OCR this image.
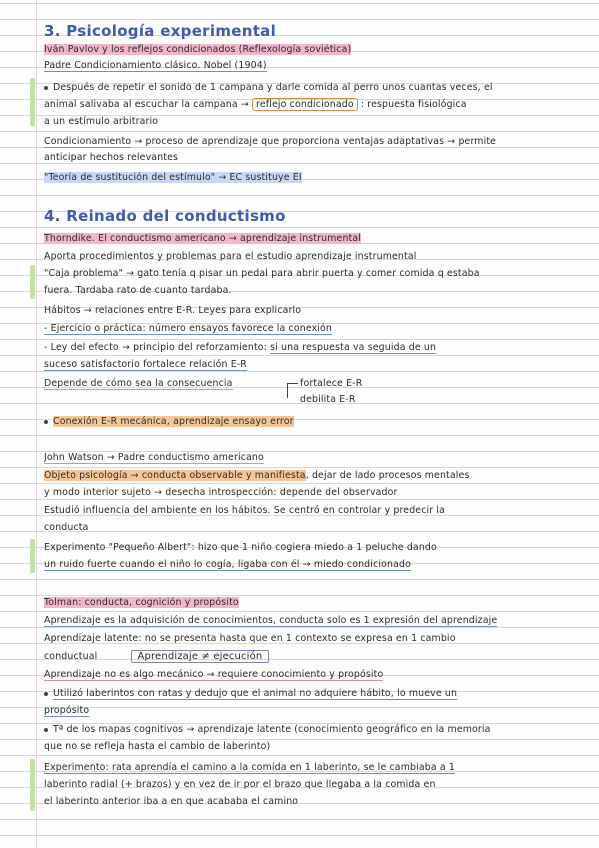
3. Psicología experimental
Iván Pavlov y los reflejos condicionados (Reflexología soviética)
Padre Condicionamiento clásico. Nobel (1904)
Después de repetir el sonido de 1 campana y darle comida al perro unos cuantas veces, el
animal salivaba al escuchar la campana → reflejo condicionado : respuesta fisiológica
a un estímulo arbitrario
Condicionamiento → proceso de aprendizaje que proporciona ventajas adaptativas → permite
anticipar hechos relevantes
"Teoría de sustitución del estímulo" → EC sustituye EI
4. Reinado del conductismo
Thorndike. El conductismo americano → aprendizaje instrumental
Aporta procedimientos y problemas para el estudio aprendizaje instrumental
"Caja problema" → gato tenía q pisar un pedal para abrir puerta y comer comida q estaba
fuera. Tardaba rato de cuanto tardaba.
Hábitos → relaciones entre E-R. Leyes para explicarlo
- Ejercicio o práctica: número ensayos favorece la conexión
- Ley del efecto → principio del reforzamiento: si una respuesta va seguida de un
suceso satisfactorio fortalece relación E-R
Depende de cómo sea la consecuencia	fortalece E-R
debilita E-R
Conexión E-R mecánica, aprendizaje ensayo error
John Watson → Padre conductismo americano
Objeto psicología → conducta observable y manifiesta, dejar de lado procesos mentales
y modo interior sujeto → desecha introspección: depende del observador
Estudió influencia del ambiente en los hábitos. Se centró en controlar y predecir la
conducta
Experimento "Pequeño Albert": hizo que 1 niño cogiera miedo a 1 peluche dando
un ruido fuerte cuando el niño lo cogía, ligaba con él → miedo condicionado
Tolman: conducta, cognición y propósito
Aprendizaje es la adquisición de conocimientos, conducta solo es 1 expresión del aprendizaje
Aprendizaje latente: no se presenta hasta que en 1 contexto se expresa en 1 cambio
conductual	Aprendizaje ≠ ejecución
Aprendizaje no es algo mecánico → requiere conocimiento y propósito
Utilizó laberintos con ratas y dedujo que el animal no adquiere hábito, lo mueve un
propósito
Tª de los mapas cognitivos → aprendizaje latente (conocimiento geográfico en la memoria
que no se refleja hasta el cambio de laberinto)
Experimento: rata aprendía el camino a la comida en 1 laberinto, se le cambiaba a 1
laberinto radial (+ brazos) y en vez de ir por el brazo que llegaba a la comida en
el laberinto anterior iba a en que acababa el camino
